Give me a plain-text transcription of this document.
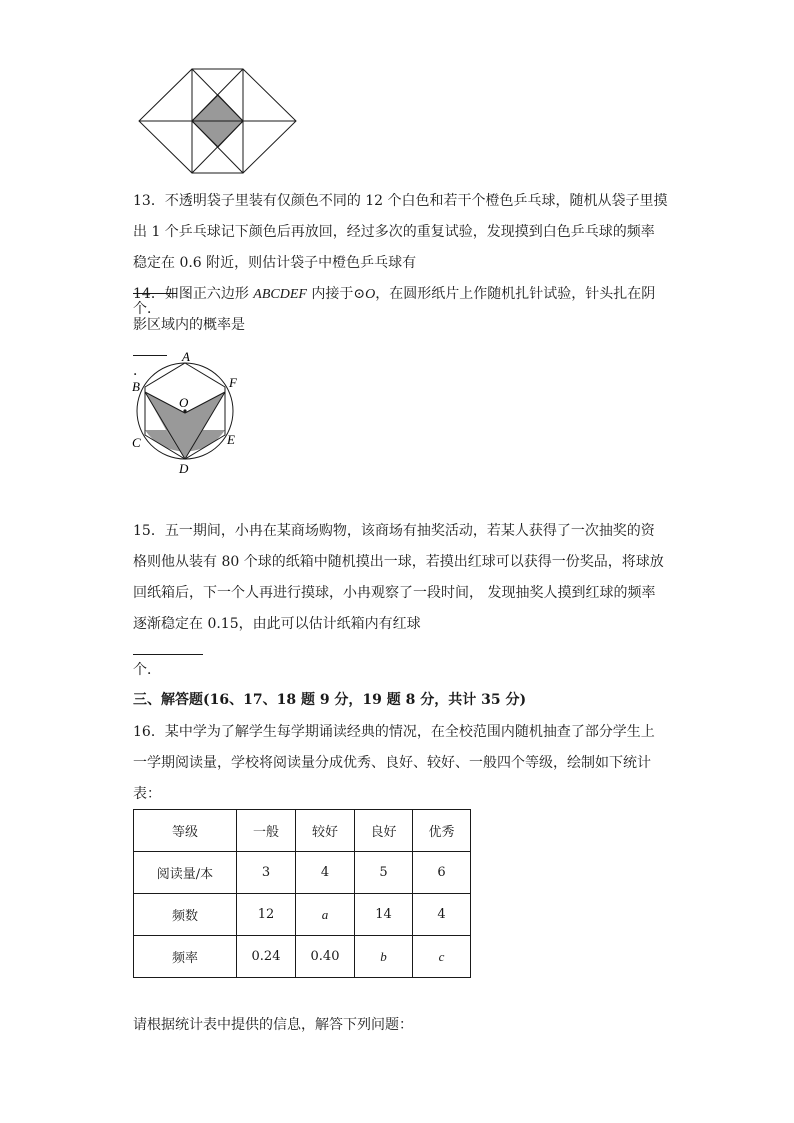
13．不透明袋子里装有仅颜色不同的 12 个白色和若干个橙色乒乓球，随机从袋子里摸
出 1 个乒乓球记下颜色后再放回，经过多次的重复试验，发现摸到白色乒乓球的频率
稳定在 0.6 附近，则估计袋子中橙色乒乓球有
个．

14．如图正六边形 ABCDEF 内接于⊙O，在圆形纸片上作随机扎针试验，针头扎在阴
影区域内的概率是
．

A
B	F
O
C	E
D

15．五一期间，小冉在某商场购物，该商场有抽奖活动，若某人获得了一次抽奖的资
格则他从装有 80 个球的纸箱中随机摸出一球，若摸出红球可以获得一份奖品，将球放
回纸箱后，下一个人再进行摸球，小冉观察了一段时间， 发现抽奖人摸到红球的频率
逐渐稳定在 0.15，由此可以估计纸箱内有红球
个．

三、解答题(16、17、18 题 9 分，19 题 8 分，共计 35 分)

16．某中学为了解学生每学期诵读经典的情况，在全校范围内随机抽查了部分学生上
一学期阅读量，学校将阅读量分成优秀、良好、较好、一般四个等级，绘制如下统计
表：

等级	一般	较好	良好	优秀
阅读量/本	3	4	5	6
频数	12	a	14	4
频率	0.24	0.40	b	c

请根据统计表中提供的信息，解答下列问题：
